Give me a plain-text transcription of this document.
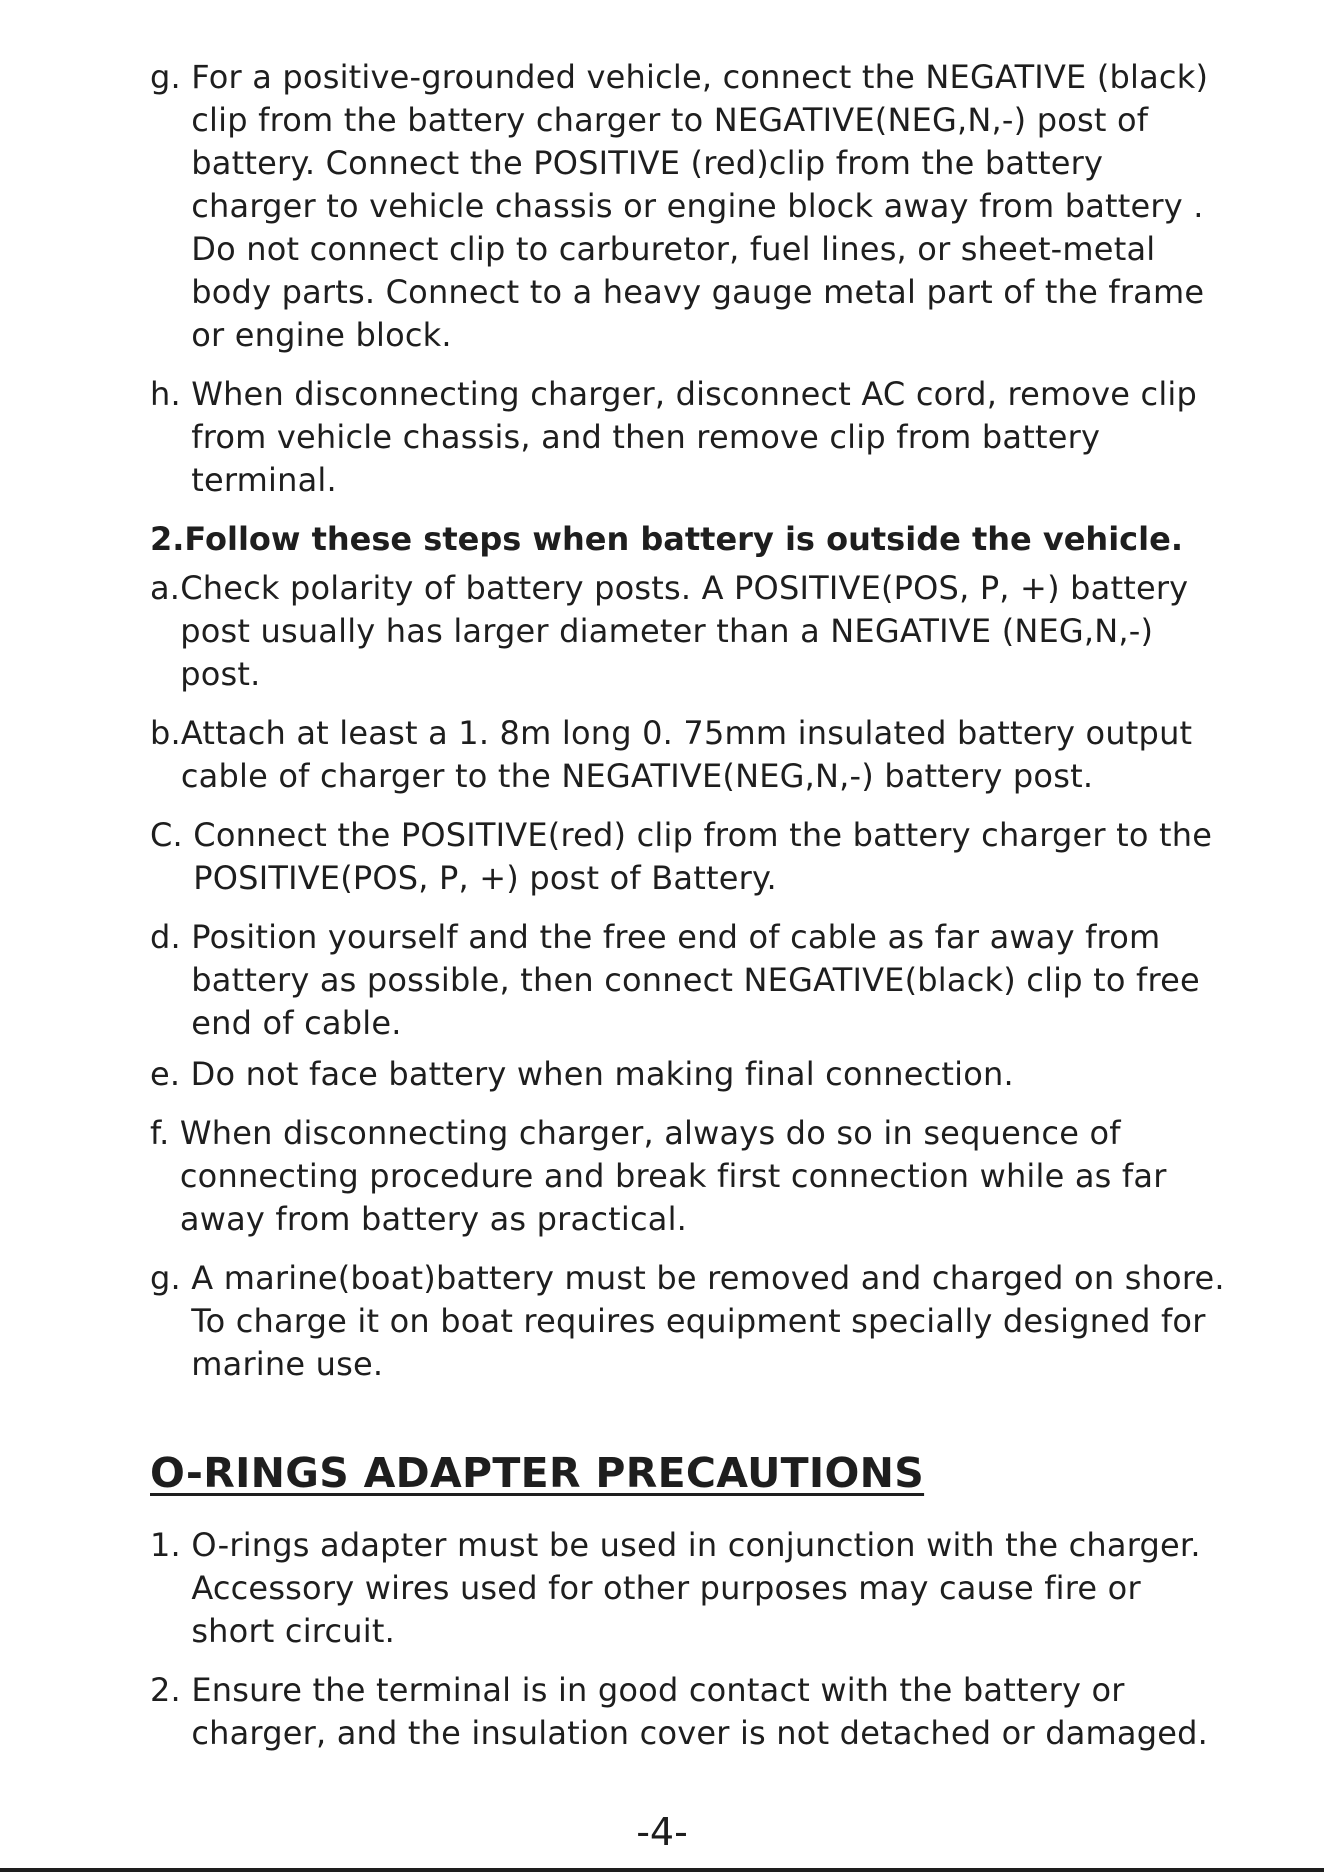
g. For a positive-grounded vehicle, connect the NEGATIVE (black) clip from the battery charger to NEGATIVE(NEG,N,-) post of battery. Connect the POSITIVE (red)clip from the battery charger to vehicle chassis or engine block away from battery . Do not connect clip to carburetor, fuel lines, or sheet-metal body parts. Connect to a heavy gauge metal part of the frame or engine block.
h. When disconnecting charger, disconnect AC cord, remove clip from vehicle chassis, and then remove clip from battery terminal.
2.Follow these steps when battery is outside the vehicle.
a. Check polarity of battery posts. A POSITIVE(POS, P, +) battery post usually has larger diameter than a NEGATIVE (NEG,N,-) post.
b. Attach at least a 1. 8m long 0. 75mm insulated battery output cable of charger to the NEGATIVE(NEG,N,-) battery post.
C. Connect the POSITIVE(red) clip from the battery charger to the POSITIVE(POS, P, +) post of Battery.
d. Position yourself and the free end of cable as far away from battery as possible, then connect NEGATIVE(black) clip to free end of cable.
e. Do not face battery when making final connection.
f. When disconnecting charger, always do so in sequence of connecting procedure and break first connection while as far away from battery as practical.
g. A marine(boat)battery must be removed and charged on shore. To charge it on boat requires equipment specially designed for marine use.
O-RINGS ADAPTER PRECAUTIONS
1. O-rings adapter must be used in conjunction with the charger. Accessory wires used for other purposes may cause fire or short circuit.
2. Ensure the terminal is in good contact with the battery or charger, and the insulation cover is not detached or damaged.
-4-
